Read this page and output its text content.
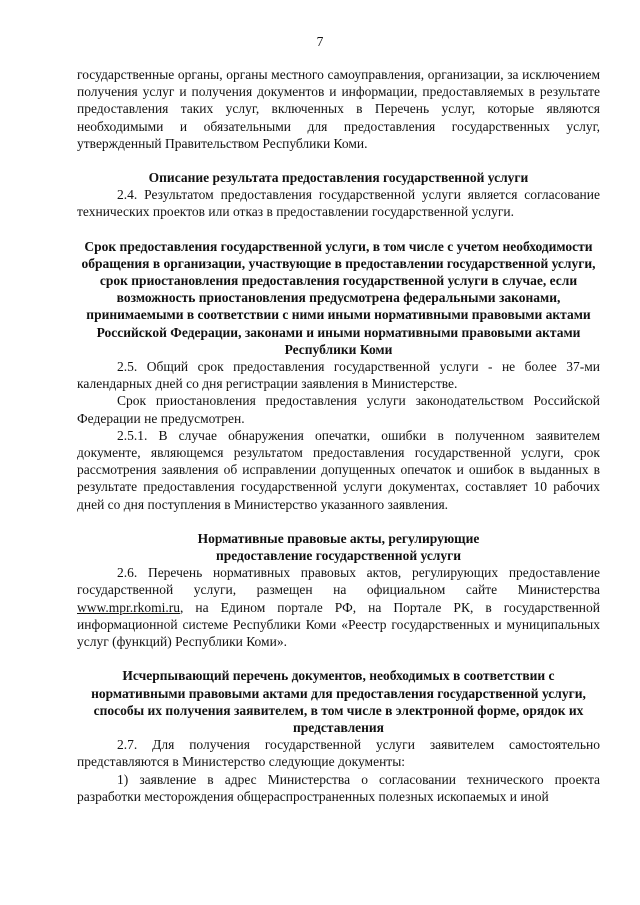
7

государственные органы, органы местного самоуправления, организации, за исключением получения услуг и получения документов и информации, предоставляемых в результате предоставления таких услуг, включенных в Перечень услуг, которые являются необходимыми и обязательными для предоставления государственных услуг, утвержденный Правительством Республики Коми.

Описание результата предоставления государственной услуги

2.4. Результатом предоставления государственной услуги является согласование технических проектов или отказ в предоставлении государственной услуги.

Срок предоставления государственной услуги, в том числе с учетом необходимости обращения в организации, участвующие в предоставлении государственной услуги, срок приостановления предоставления государственной услуги в случае, если возможность приостановления предусмотрена федеральными законами, принимаемыми в соответствии с ними иными нормативными правовыми актами Российской Федерации, законами и иными нормативными правовыми актами Республики Коми

2.5. Общий срок предоставления государственной услуги - не более 37-ми календарных дней со дня регистрации заявления в Министерстве.

Срок приостановления предоставления услуги законодательством Российской Федерации не предусмотрен.

2.5.1. В случае обнаружения опечатки, ошибки в полученном заявителем документе, являющемся результатом предоставления государственной услуги, срок рассмотрения заявления об исправлении допущенных опечаток и ошибок в выданных в результате предоставления государственной услуги документах, составляет 10 рабочих дней со дня поступления в Министерство указанного заявления.

Нормативные правовые акты, регулирующие
предоставление государственной услуги

2.6. Перечень нормативных правовых актов, регулирующих предоставление государственной услуги, размещен на официальном сайте Министерства www.mpr.rkomi.ru, на Едином портале РФ, на Портале РК, в государственной информационной системе Республики Коми «Реестр государственных и муниципальных услуг (функций) Республики Коми».

Исчерпывающий перечень документов, необходимых в соответствии с нормативными правовыми актами для предоставления государственной услуги, способы их получения заявителем, в том числе в электронной форме, орядок их представления

2.7. Для получения государственной услуги заявителем самостоятельно представляются в Министерство следующие документы:

1) заявление в адрес Министерства о согласовании технического проекта разработки месторождения общераспространенных полезных ископаемых и иной
